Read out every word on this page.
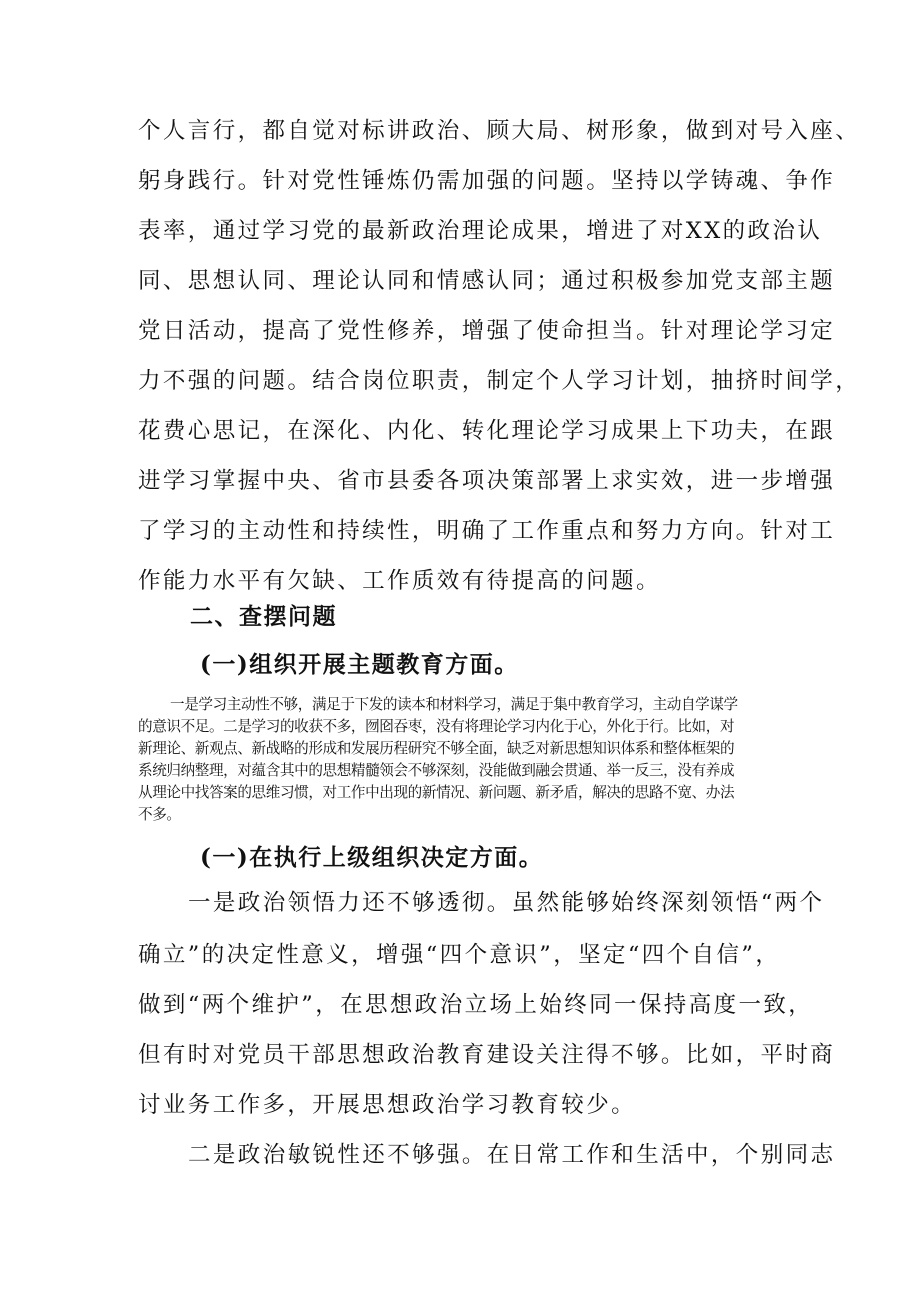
个人言行，都自觉对标讲政治、顾大局、树形象，做到对号入座、
躬身践行。针对党性锤炼仍需加强的问题。坚持以学铸魂、争作
表率，通过学习党的最新政治理论成果，增进了对XX的政治认
同、思想认同、理论认同和情感认同；通过积极参加党支部主题
党日活动，提高了党性修养，增强了使命担当。针对理论学习定
力不强的问题。结合岗位职责，制定个人学习计划，抽挤时间学，
花费心思记，在深化、内化、转化理论学习成果上下功夫，在跟
进学习掌握中央、省市县委各项决策部署上求实效，进一步增强
了学习的主动性和持续性，明确了工作重点和努力方向。针对工
作能力水平有欠缺、工作质效有待提高的问题。
二、查摆问题
(一)组织开展主题教育方面。
一是学习主动性不够，满足于下发的读本和材料学习，满足于集中教育学习，主动自学谋学
的意识不足。二是学习的收获不多，囫囵吞枣，没有将理论学习内化于心，外化于行。比如，对
新理论、新观点、新战略的形成和发展历程研究不够全面，缺乏对新思想知识体系和整体框架的
系统归纳整理，对蕴含其中的思想精髓领会不够深刻，没能做到融会贯通、举一反三，没有养成
从理论中找答案的思维习惯，对工作中出现的新情况、新问题、新矛盾，解决的思路不宽、办法
不多。
(一)在执行上级组织决定方面。
一是政治领悟力还不够透彻。虽然能够始终深刻领悟“两个
确立”的决定性意义，增强“四个意识”，坚定“四个自信”，
做到“两个维护”，在思想政治立场上始终同一保持高度一致，
但有时对党员干部思想政治教育建设关注得不够。比如，平时商
讨业务工作多，开展思想政治学习教育较少。
二是政治敏锐性还不够强。在日常工作和生活中，个别同志
